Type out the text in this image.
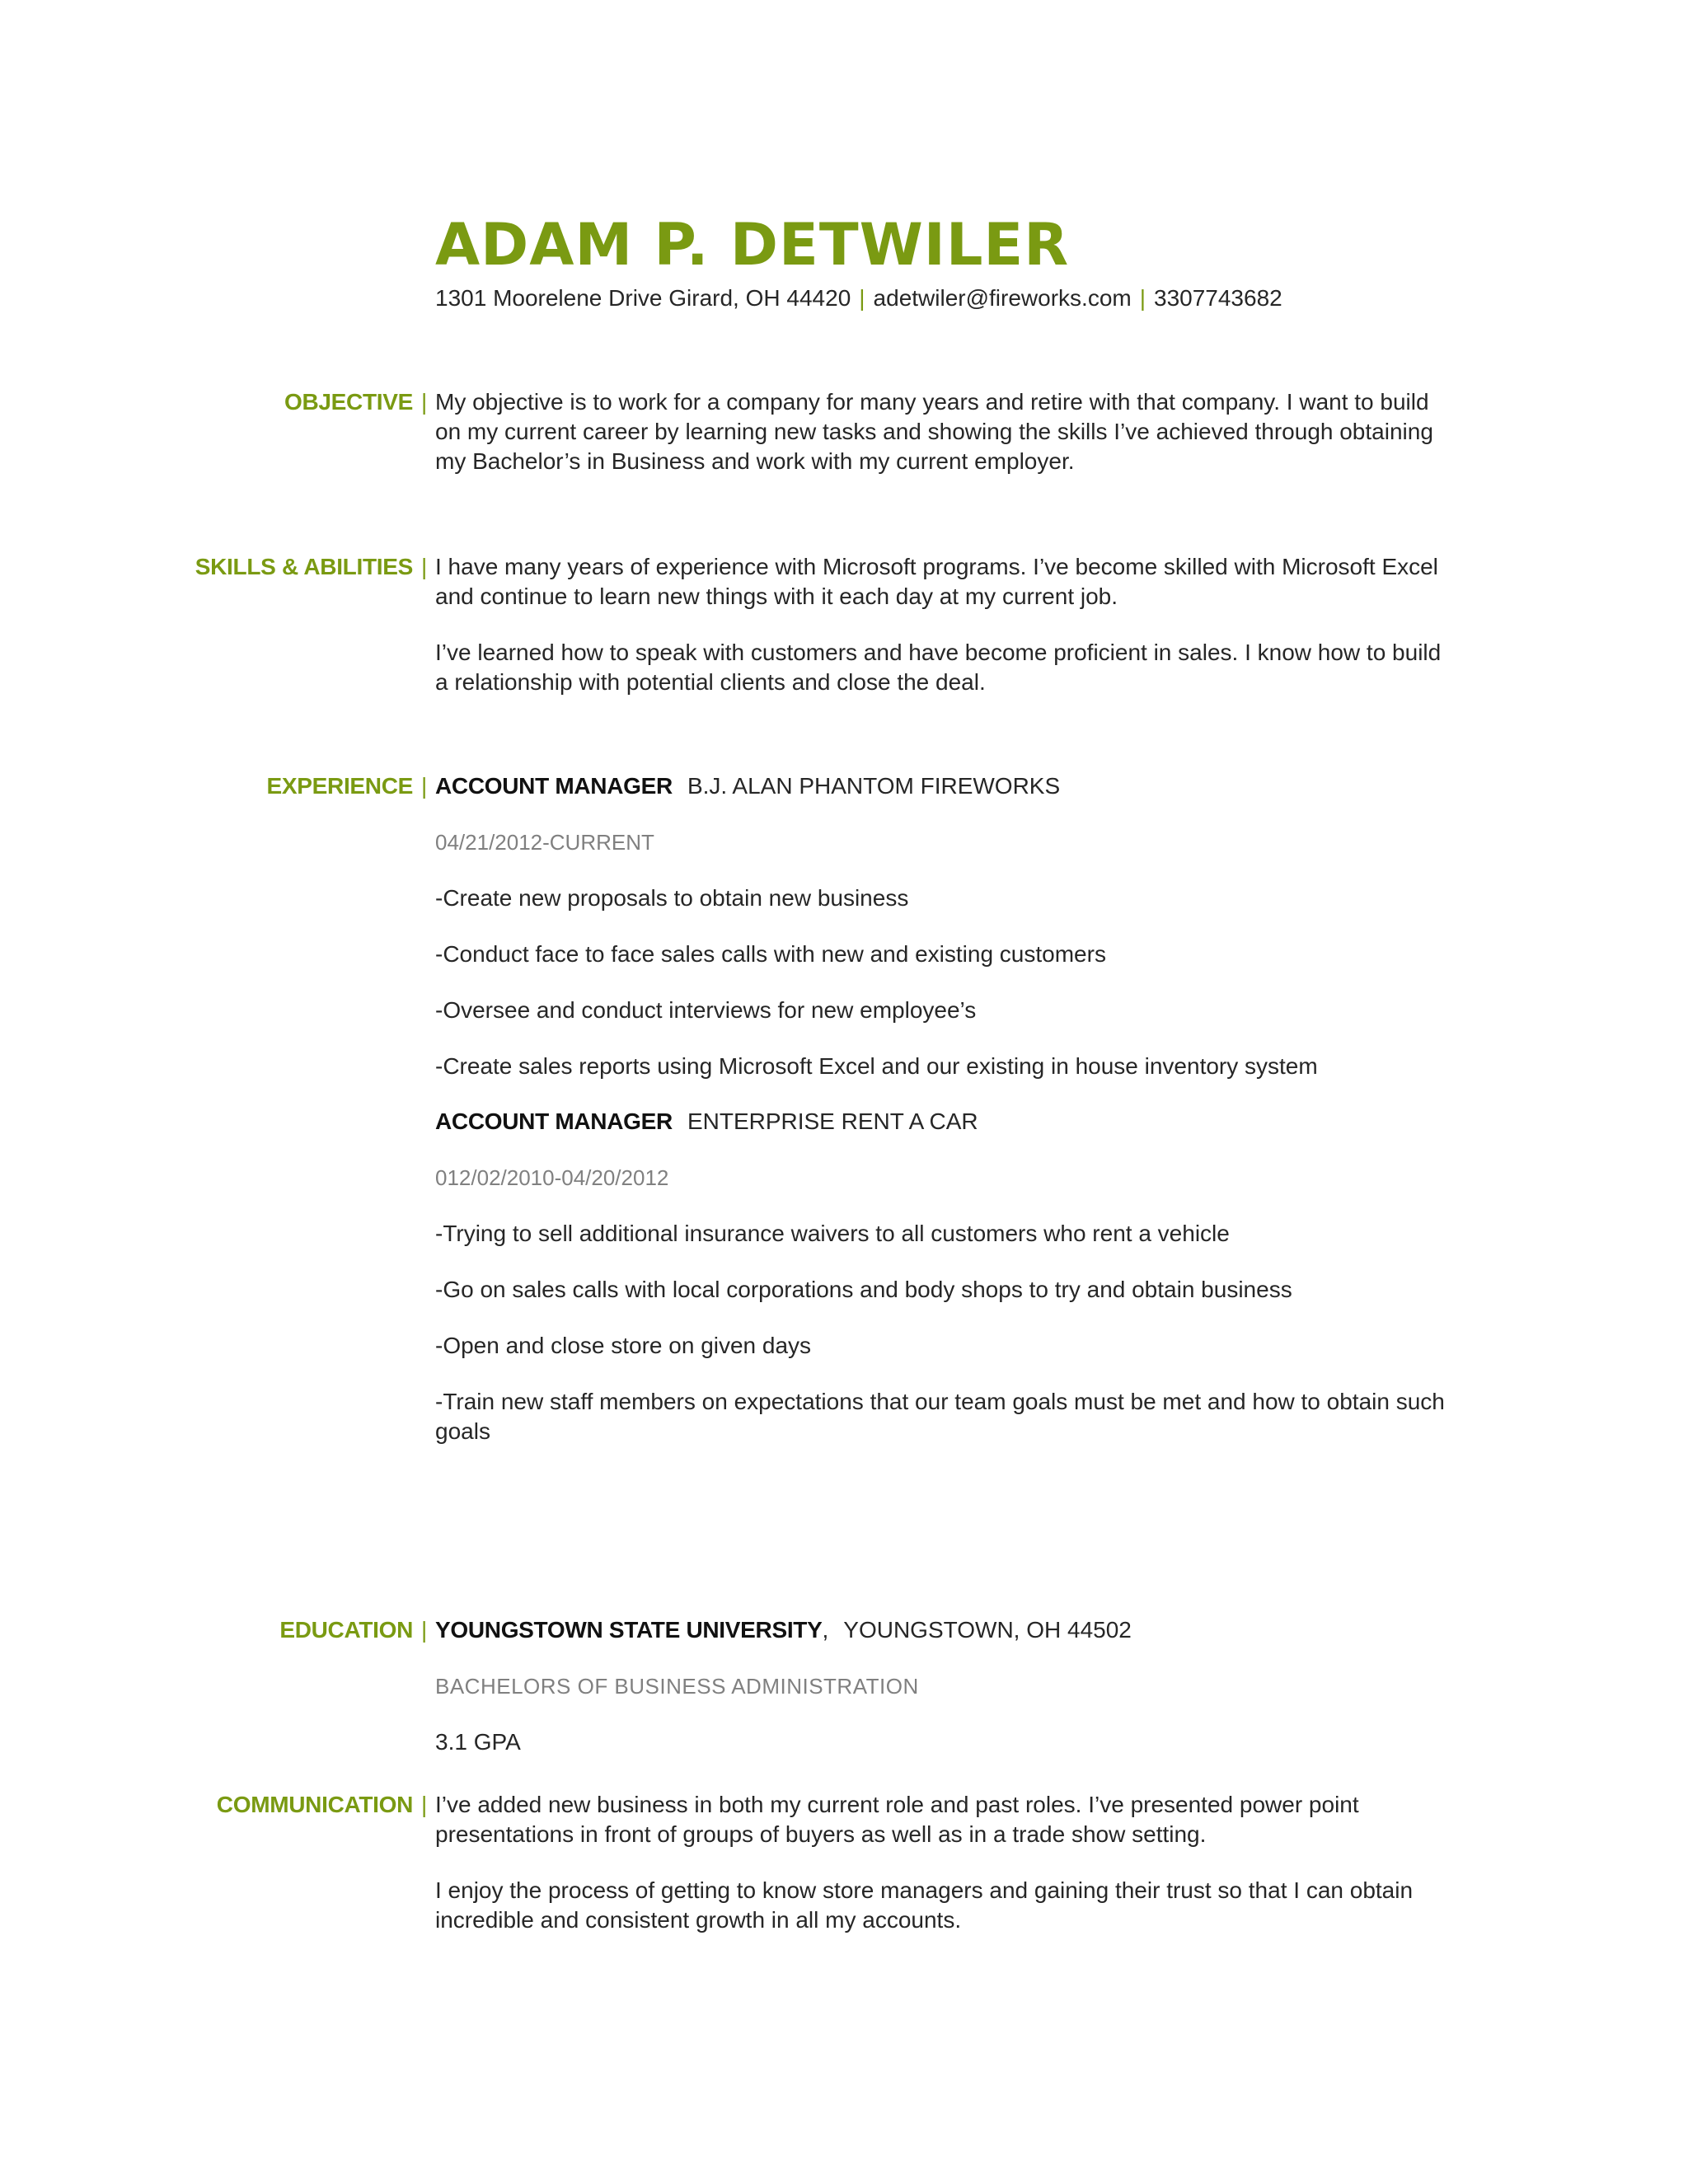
ADAM P. DETWILER
1301 Moorelene Drive Girard, OH 44420 | adetwiler@fireworks.com | 3307743682
OBJECTIVE | My objective is to work for a company for many years and retire with that company. I want to build on my current career by learning new tasks and showing the skills I’ve achieved through obtaining my Bachelor’s in Business and work with my current employer.

SKILLS & ABILITIES | I have many years of experience with Microsoft programs. I’ve become skilled with Microsoft Excel and continue to learn new things with it each day at my current job.

I’ve learned how to speak with customers and have become proficient in sales. I know how to build a relationship with potential clients and close the deal.

EXPERIENCE | ACCOUNT MANAGER B.J. ALAN PHANTOM FIREWORKS

04/21/2012-CURRENT

-Create new proposals to obtain new business

-Conduct face to face sales calls with new and existing customers

-Oversee and conduct interviews for new employee’s

-Create sales reports using Microsoft Excel and our existing in house inventory system

ACCOUNT MANAGER ENTERPRISE RENT A CAR

012/02/2010-04/20/2012

-Trying to sell additional insurance waivers to all customers who rent a vehicle

-Go on sales calls with local corporations and body shops to try and obtain business

-Open and close store on given days

-Train new staff members on expectations that our team goals must be met and how to obtain such goals

EDUCATION | YOUNGSTOWN STATE UNIVERSITY, YOUNGSTOWN, OH 44502

BACHELORS OF BUSINESS ADMINISTRATION

3.1 GPA

COMMUNICATION | I’ve added new business in both my current role and past roles. I’ve presented power point presentations in front of groups of buyers as well as in a trade show setting.

I enjoy the process of getting to know store managers and gaining their trust so that I can obtain incredible and consistent growth in all my accounts.
